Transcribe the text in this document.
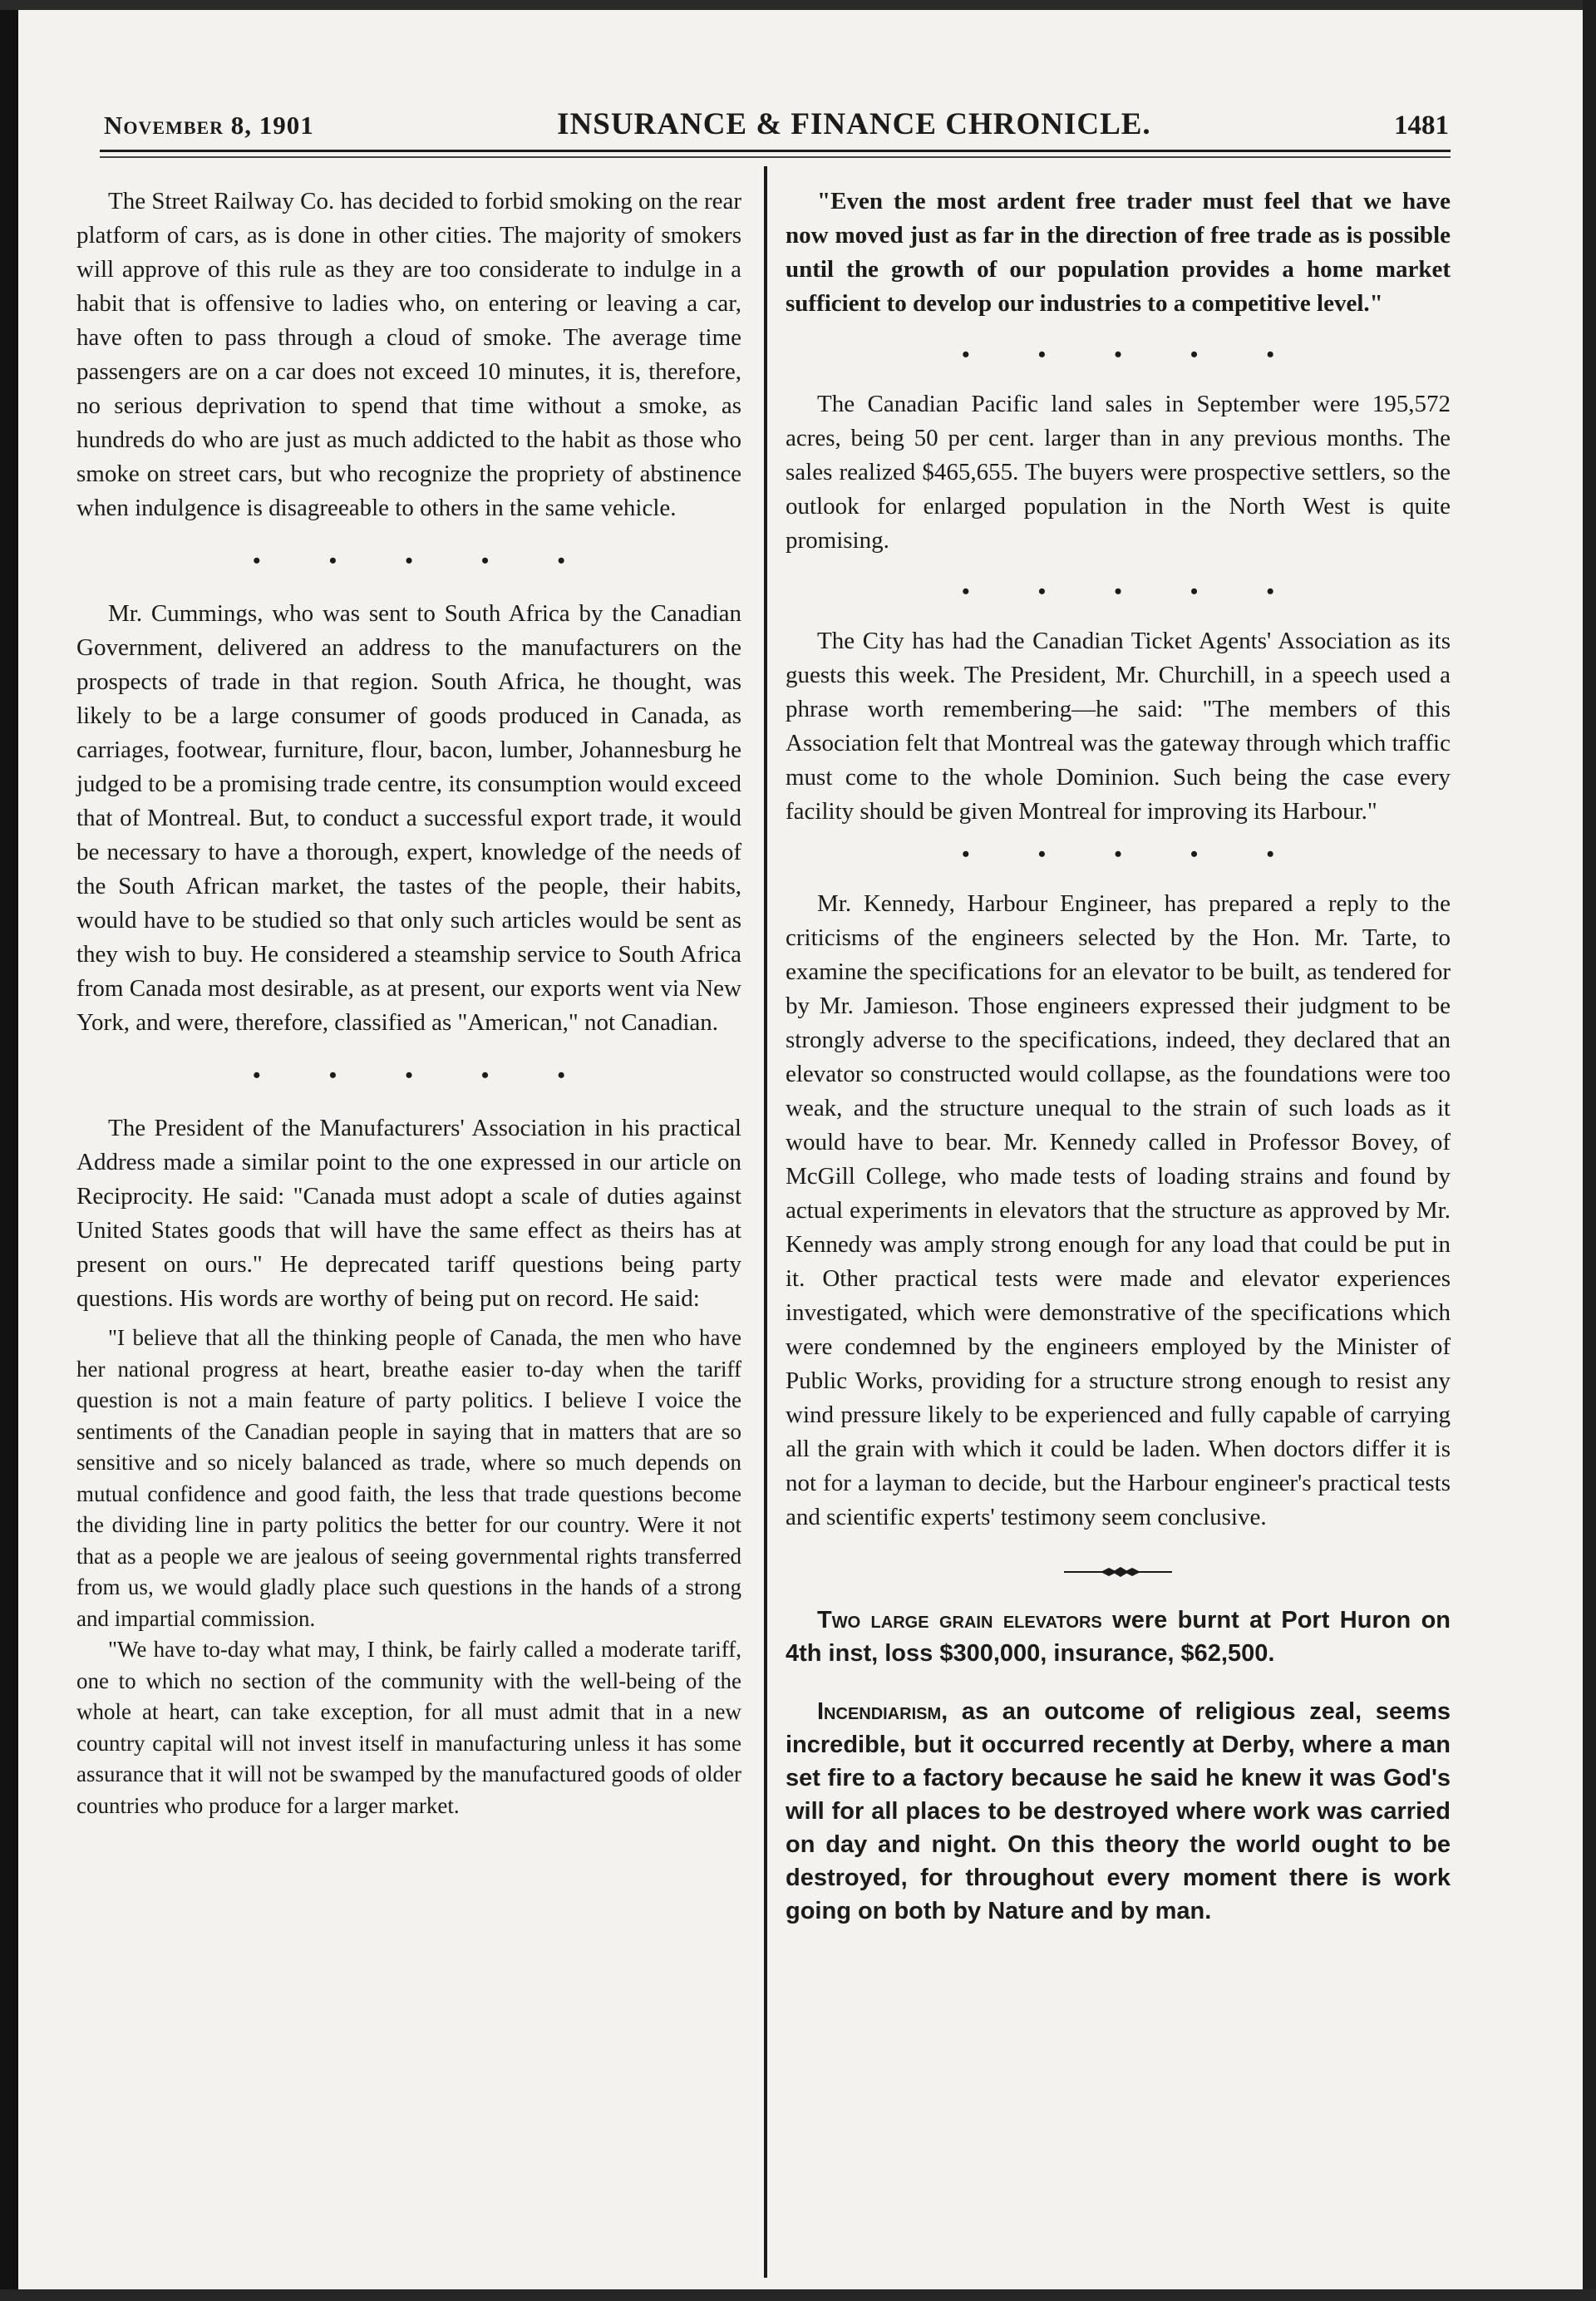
November 8, 1901	INSURANCE & FINANCE CHRONICLE.	1481

The Street Railway Co. has decided to forbid smoking on the rear platform of cars, as is done in other cities. The majority of smokers will approve of this rule as they are too considerate to indulge in a habit that is offensive to ladies who, on entering or leaving a car, have often to pass through a cloud of smoke. The average time passengers are on a car does not exceed 10 minutes, it is, therefore, no serious deprivation to spend that time without a smoke, as hundreds do who are just as much addicted to the habit as those who smoke on street cars, but who recognize the propriety of abstinence when indulgence is disagreeable to others in the same vehicle.

• • • • •

Mr. Cummings, who was sent to South Africa by the Canadian Government, delivered an address to the manufacturers on the prospects of trade in that region. South Africa, he thought, was likely to be a large consumer of goods produced in Canada, as carriages, footwear, furniture, flour, bacon, lumber, Johannesburg he judged to be a promising trade centre, its consumption would exceed that of Montreal. But, to conduct a successful export trade, it would be necessary to have a thorough, expert, knowledge of the needs of the South African market, the tastes of the people, their habits, would have to be studied so that only such articles would be sent as they wish to buy. He considered a steamship service to South Africa from Canada most desirable, as at present, our exports went via New York, and were, therefore, classified as "American," not Canadian.

• • • • •

The President of the Manufacturers' Association in his practical Address made a similar point to the one expressed in our article on Reciprocity. He said: "Canada must adopt a scale of duties against United States goods that will have the same effect as theirs has at present on ours." He deprecated tariff questions being party questions. His words are worthy of being put on record. He said:

"I believe that all the thinking people of Canada, the men who have her national progress at heart, breathe easier to-day when the tariff question is not a main feature of party politics. I believe I voice the sentiments of the Canadian people in saying that in matters that are so sensitive and so nicely balanced as trade, where so much depends on mutual confidence and good faith, the less that trade questions become the dividing line in party politics the better for our country. Were it not that as a people we are jealous of seeing governmental rights transferred from us, we would gladly place such questions in the hands of a strong and impartial commission.

"We have to-day what may, I think, be fairly called a moderate tariff, one to which no section of the community with the well-being of the whole at heart, can take exception, for all must admit that in a new country capital will not invest itself in manufacturing unless it has some assurance that it will not be swamped by the manufactured goods of older countries who produce for a larger market.

"Even the most ardent free trader must feel that we have now moved just as far in the direction of free trade as is possible until the growth of our population provides a home market sufficient to develop our industries to a competitive level."

• • • • •

The Canadian Pacific land sales in September were 195,572 acres, being 50 per cent. larger than in any previous months. The sales realized $465,655. The buyers were prospective settlers, so the outlook for enlarged population in the North West is quite promising.

• • • • •

The City has had the Canadian Ticket Agents' Association as its guests this week. The President, Mr. Churchill, in a speech used a phrase worth remembering—he said: "The members of this Association felt that Montreal was the gateway through which traffic must come to the whole Dominion. Such being the case every facility should be given Montreal for improving its Harbour."

• • • • •

Mr. Kennedy, Harbour Engineer, has prepared a reply to the criticisms of the engineers selected by the Hon. Mr. Tarte, to examine the specifications for an elevator to be built, as tendered for by Mr. Jamieson. Those engineers expressed their judgment to be strongly adverse to the specifications, indeed, they declared that an elevator so constructed would collapse, as the foundations were too weak, and the structure unequal to the strain of such loads as it would have to bear. Mr. Kennedy called in Professor Bovey, of McGill College, who made tests of loading strains and found by actual experiments in elevators that the structure as approved by Mr. Kennedy was amply strong enough for any load that could be put in it. Other practical tests were made and elevator experiences investigated, which were demonstrative of the specifications which were condemned by the engineers employed by the Minister of Public Works, providing for a structure strong enough to resist any wind pressure likely to be experienced and fully capable of carrying all the grain with which it could be laden. When doctors differ it is not for a layman to decide, but the Harbour engineer's practical tests and scientific experts' testimony seem conclusive.

Two large grain elevators were burnt at Port Huron on 4th inst, loss $300,000, insurance, $62,500.

Incendiarism, as an outcome of religious zeal, seems incredible, but it occurred recently at Derby, where a man set fire to a factory because he said he knew it was God's will for all places to be destroyed where work was carried on day and night. On this theory the world ought to be destroyed, for throughout every moment there is work going on both by Nature and by man.
